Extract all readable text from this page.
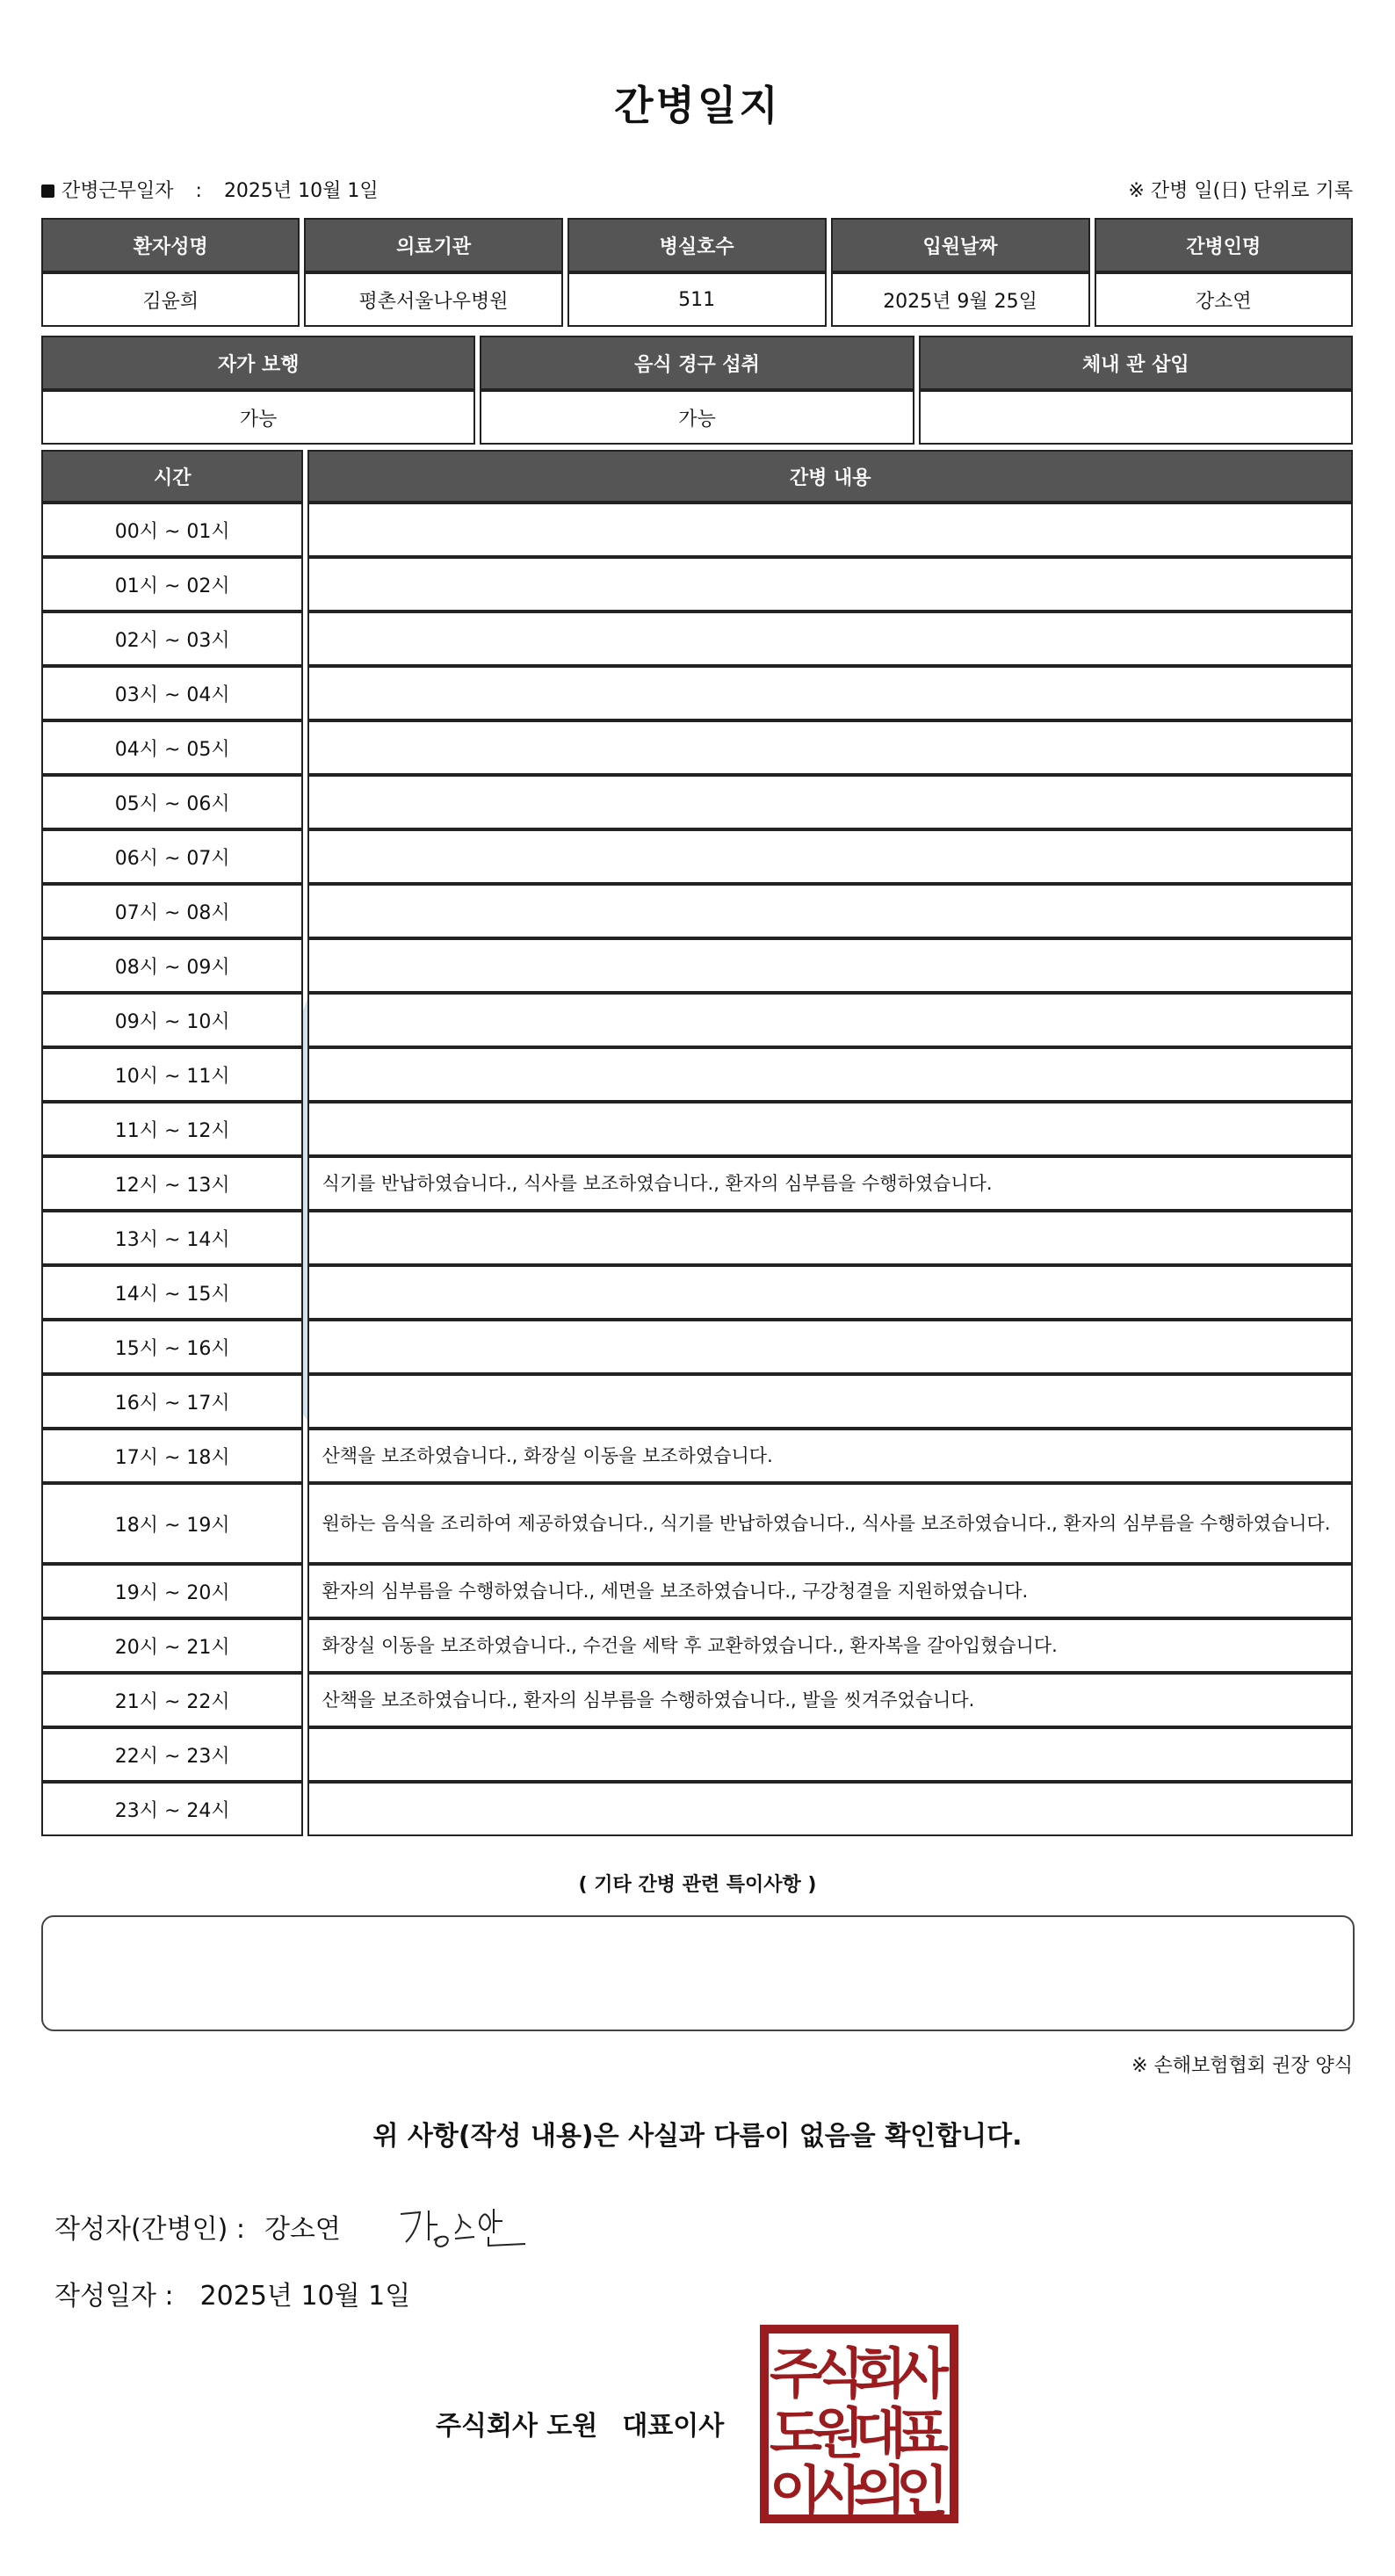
간병일지
간병근무일자 : 2025년 10월 1일	※ 간병 일(日) 단위로 기록
환자성명		의료기관		병실호수		입원날짜		간병인명
김윤희		평촌서울나우병원		511		2025년 9월 25일		강소연
자가 보행		음식 경구 섭취		체내 관 삽입
가능		가능		
시간		간병 내용
00시 ~ 01시		
01시 ~ 02시		
02시 ~ 03시		
03시 ~ 04시		
04시 ~ 05시		
05시 ~ 06시		
06시 ~ 07시		
07시 ~ 08시		
08시 ~ 09시		
09시 ~ 10시		
10시 ~ 11시		
11시 ~ 12시		
12시 ~ 13시		식기를 반납하였습니다., 식사를 보조하였습니다., 환자의 심부름을 수행하였습니다.
13시 ~ 14시		
14시 ~ 15시		
15시 ~ 16시		
16시 ~ 17시		
17시 ~ 18시		산책을 보조하였습니다., 화장실 이동을 보조하였습니다.
18시 ~ 19시		원하는 음식을 조리하여 제공하였습니다., 식기를 반납하였습니다., 식사를 보조하였습니다., 환자의 심부름을 수행하였습니다.
19시 ~ 20시		환자의 심부름을 수행하였습니다., 세면을 보조하였습니다., 구강청결을 지원하였습니다.
20시 ~ 21시		화장실 이동을 보조하였습니다., 수건을 세탁 후 교환하였습니다., 환자복을 갈아입혔습니다.
21시 ~ 22시		산책을 보조하였습니다., 환자의 심부름을 수행하였습니다., 발을 씻겨주었습니다.
22시 ~ 23시		
23시 ~ 24시		
( 기타 간병 관련 특이사항 )
※ 손해보험협회 권장 양식
위 사항(작성 내용)은 사실과 다름이 없음을 확인합니다.
작성자(간병인) : 강소연
작성일자 : 2025년 10월 1일
주식회사 도원 대표이사
주
식
회
사
도
원
대
표
이
사
의
인
